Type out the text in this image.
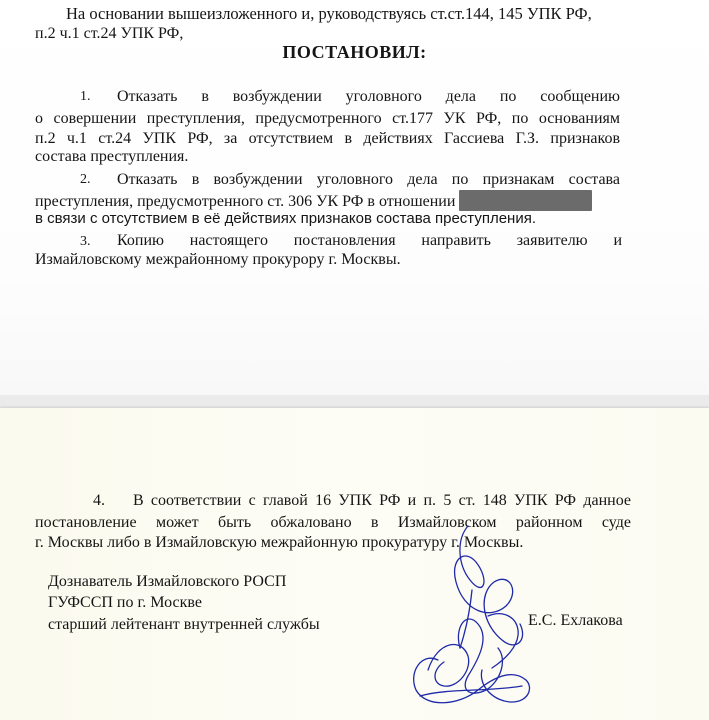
На основании вышеизложенного и, руководствуясь ст.ст.144, 145 УПК РФ,
п.2 ч.1 ст.24 УПК РФ,
ПОСТАНОВИЛ:
1. Отказать в возбуждении уголовного дела по сообщению
о совершении преступления, предусмотренного ст.177 УК РФ, по основаниям
п.2 ч.1 ст.24 УПК РФ, за отсутствием в действиях Гассиева Г.З. признаков
состава преступления.
2. Отказать в возбуждении уголовного дела по признакам состава
преступления, предусмотренного ст. 306 УК РФ в отношении
в связи с отсутствием в её действиях признаков состава преступления.
3. Копию настоящего постановления направить заявителю и
Измайловскому межрайонному прокурору г. Москвы.
4. В соответствии с главой 16 УПК РФ и п. 5 ст. 148 УПК РФ данное
постановление может быть обжаловано в Измайловском районном суде
г. Москвы либо в Измайловскую межрайонную прокуратуру г. Москвы.
Дознаватель Измайловского РОСП
ГУФССП по г. Москве
старший лейтенант внутренней службы	Е.С. Ехлакова
